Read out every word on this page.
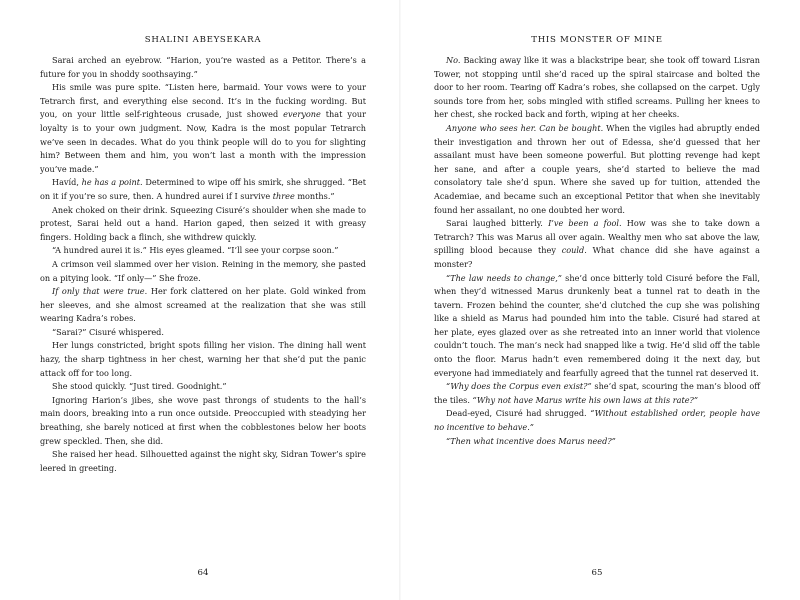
SHALINI ABEYSEKARA

Sarai arched an eyebrow. “Harion, you’re wasted as a Petitor. There’s a future for you in shoddy soothsaying.”

His smile was pure spite. “Listen here, barmaid. Your vows were to your Tetrarch first, and everything else second. It’s in the fucking wording. But you, on your little self-righteous crusade, just showed everyone that your loyalty is to your own judgment. Now, Kadra is the most popular Tetrarch we’ve seen in decades. What do you think people will do to you for slighting him? Between them and him, you won’t last a month with the impression you’ve made.”

Havíd, he has a point. Determined to wipe off his smirk, she shrugged. “Bet on it if you’re so sure, then. A hundred aurei if I survive three months.”

Anek choked on their drink. Squeezing Cisuré’s shoulder when she made to protest, Sarai held out a hand. Harion gaped, then seized it with greasy fingers. Holding back a flinch, she withdrew quickly.

“A hundred aurei it is.” His eyes gleamed. “I’ll see your corpse soon.”

A crimson veil slammed over her vision. Reining in the memory, she pasted on a pitying look. “If only—” She froze.

If only that were true. Her fork clattered on her plate. Gold winked from her sleeves, and she almost screamed at the realization that she was still wearing Kadra’s robes.

“Sarai?” Cisuré whispered.

Her lungs constricted, bright spots filling her vision. The dining hall went hazy, the sharp tightness in her chest, warning her that she’d put the panic attack off for too long.

She stood quickly. “Just tired. Goodnight.”

Ignoring Harion’s jibes, she wove past throngs of students to the hall’s main doors, breaking into a run once outside. Preoccupied with steadying her breathing, she barely noticed at first when the cobblestones below her boots grew speckled. Then, she did.

She raised her head. Silhouetted against the night sky, Sidran Tower’s spire leered in greeting.

64
THIS MONSTER OF MINE

No. Backing away like it was a blackstripe bear, she took off toward Lisran Tower, not stopping until she’d raced up the spiral staircase and bolted the door to her room. Tearing off Kadra’s robes, she collapsed on the carpet. Ugly sounds tore from her, sobs mingled with stifled screams. Pulling her knees to her chest, she rocked back and forth, wiping at her cheeks.

Anyone who sees her. Can be bought. When the vigiles had abruptly ended their investigation and thrown her out of Edessa, she’d guessed that her assailant must have been someone powerful. But plotting revenge had kept her sane, and after a couple years, she’d started to believe the mad consolatory tale she’d spun. Where she saved up for tuition, attended the Academiae, and became such an exceptional Petitor that when she inevitably found her assailant, no one doubted her word.

Sarai laughed bitterly. I’ve been a fool. How was she to take down a Tetrarch? This was Marus all over again. Wealthy men who sat above the law, spilling blood because they could. What chance did she have against a monster?

“The law needs to change,” she’d once bitterly told Cisuré before the Fall, when they’d witnessed Marus drunkenly beat a tunnel rat to death in the tavern. Frozen behind the counter, she’d clutched the cup she was polishing like a shield as Marus had pounded him into the table. Cisuré had stared at her plate, eyes glazed over as she retreated into an inner world that violence couldn’t touch. The man’s neck had snapped like a twig. He’d slid off the table onto the floor. Marus hadn’t even remembered doing it the next day, but everyone had immediately and fearfully agreed that the tunnel rat deserved it.

“Why does the Corpus even exist?” she’d spat, scouring the man’s blood off the tiles. “Why not have Marus write his own laws at this rate?”

Dead-eyed, Cisuré had shrugged. “Without established order, people have no incentive to behave.”

“Then what incentive does Marus need?”

65
